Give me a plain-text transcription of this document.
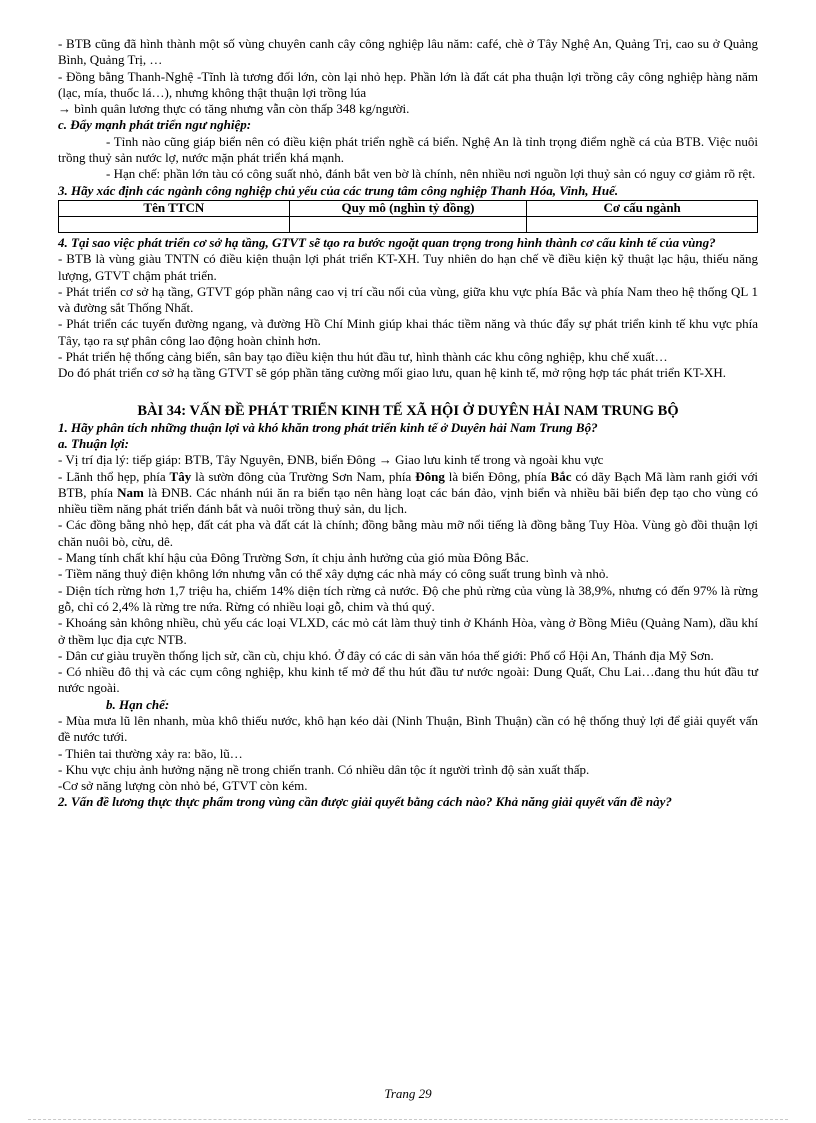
- BTB cũng đã hình thành một số vùng chuyên canh cây công nghiệp lâu năm: café, chè ở Tây Nghệ An, Quảng Trị, cao su ở Quảng Bình, Quảng Trị, …

- Đồng bằng Thanh-Nghệ -Tĩnh là tương đối lớn, còn lại nhỏ hẹp. Phần lớn là đất cát pha thuận lợi trồng cây công nghiệp hàng năm (lạc, mía, thuốc lá…), nhưng không thật thuận lợi trồng lúa

→ bình quân lương thực có tăng nhưng vẫn còn thấp 348 kg/người.

c. Đẩy mạnh phát triển ngư nghiệp:

- Tỉnh nào cũng giáp biển nên có điều kiện phát triển nghề cá biển. Nghệ An là tỉnh trọng điểm nghề cá của BTB. Việc nuôi trồng thuỷ sản nước lợ, nước mặn phát triển khá mạnh.

- Hạn chế: phần lớn tàu có công suất nhỏ, đánh bắt ven bờ là chính, nên nhiều nơi nguồn lợi thuỷ sản có nguy cơ giảm rõ rệt.

3. Hãy xác định các ngành công nghiệp chủ yếu của các trung tâm công nghiệp Thanh Hóa, Vinh, Huế.

Tên TTCN	Quy mô (nghìn tỷ đồng)	Cơ cấu ngành

4. Tại sao việc phát triển cơ sở hạ tầng, GTVT sẽ tạo ra bước ngoặt quan trọng trong hình thành cơ cấu kinh tế của vùng?

- BTB là vùng giàu TNTN có điều kiện thuận lợi phát triển KT-XH. Tuy nhiên do hạn chế về điều kiện kỹ thuật lạc hậu, thiếu năng lượng, GTVT chậm phát triển.

- Phát triển cơ sở hạ tầng, GTVT góp phần nâng cao vị trí cầu nối của vùng, giữa khu vực phía Bắc và phía Nam theo hệ thống QL 1 và đường sắt Thống Nhất.

- Phát triển các tuyến đường ngang, và đường Hồ Chí Minh giúp khai thác tiềm năng và thúc đẩy sự phát triển kinh tế khu vực phía Tây, tạo ra sự phân công lao động hoàn chỉnh hơn.

- Phát triển hệ thống cảng biển, sân bay tạo điều kiện thu hút đầu tư, hình thành các khu công nghiệp, khu chế xuất…

Do đó phát triển cơ sở hạ tầng GTVT sẽ góp phần tăng cường mối giao lưu, quan hệ kinh tế, mở rộng hợp tác phát triển KT-XH.

BÀI 34: VẤN ĐỀ PHÁT TRIỂN KINH TẾ XÃ HỘI Ở DUYÊN HẢI NAM TRUNG BỘ

1. Hãy phân tích những thuận lợi và khó khăn trong phát triển kinh tế ở Duyên hải Nam Trung Bộ?

a. Thuận lợi:

- Vị trí địa lý: tiếp giáp: BTB, Tây Nguyên, ĐNB, biển Đông → Giao lưu kinh tế trong và ngoài khu vực

- Lãnh thổ hẹp, phía Tây là sườn đông của Trường Sơn Nam, phía Đông là biển Đông, phía Bắc có dãy Bạch Mã làm ranh giới với BTB, phía Nam là ĐNB. Các nhánh núi ăn ra biển tạo nên hàng loạt các bán đảo, vịnh biển và nhiều bãi biển đẹp tạo cho vùng có nhiều tiềm năng phát triển đánh bắt và nuôi trồng thuỷ sản, du lịch.

- Các đồng bằng nhỏ hẹp, đất cát pha và đất cát là chính; đồng bằng màu mỡ nổi tiếng là đồng bằng Tuy Hòa. Vùng gò đồi thuận lợi chăn nuôi bò, cừu, dê.

- Mang tính chất khí hậu của Đông Trường Sơn, ít chịu ảnh hưởng của gió mùa Đông Bắc.

- Tiềm năng thuỷ điện không lớn nhưng vẫn có thể xây dựng các nhà máy có công suất trung bình và nhỏ.

- Diện tích rừng hơn 1,7 triệu ha, chiếm 14% diện tích rừng cả nước. Độ che phủ rừng của vùng là 38,9%, nhưng có đến 97% là rừng gỗ, chỉ có 2,4% là rừng tre nứa. Rừng có nhiều loại gỗ, chim và thú quý.

- Khoáng sản không nhiều, chủ yếu các loại VLXD, các mỏ cát làm thuỷ tinh ở Khánh Hòa, vàng ở Bồng Miêu (Quảng Nam), dầu khí ở thềm lục địa cực NTB.

- Dân cư giàu truyền thống lịch sử, cần cù, chịu khó. Ở đây có các di sản văn hóa thế giới: Phố cổ Hội An, Thánh địa Mỹ Sơn.

- Có nhiều đô thị và các cụm công nghiệp, khu kinh tế mở để thu hút đầu tư nước ngoài: Dung Quất, Chu Lai…đang thu hút đầu tư nước ngoài.

b. Hạn chế:

- Mùa mưa lũ lên nhanh, mùa khô thiếu nước, khô hạn kéo dài (Ninh Thuận, Bình Thuận) cần có hệ thống thuỷ lợi để giải quyết vấn đề nước tưới.

- Thiên tai thường xảy ra: bão, lũ…

- Khu vực chịu ảnh hưởng nặng nề trong chiến tranh. Có nhiều dân tộc ít người trình độ sản xuất thấp.

-Cơ sở năng lượng còn nhỏ bé, GTVT còn kém.

2. Vấn đề lương thực thực phẩm trong vùng cần được giải quyết bằng cách nào? Khả năng giải quyết vấn đề này?

Trang 29
